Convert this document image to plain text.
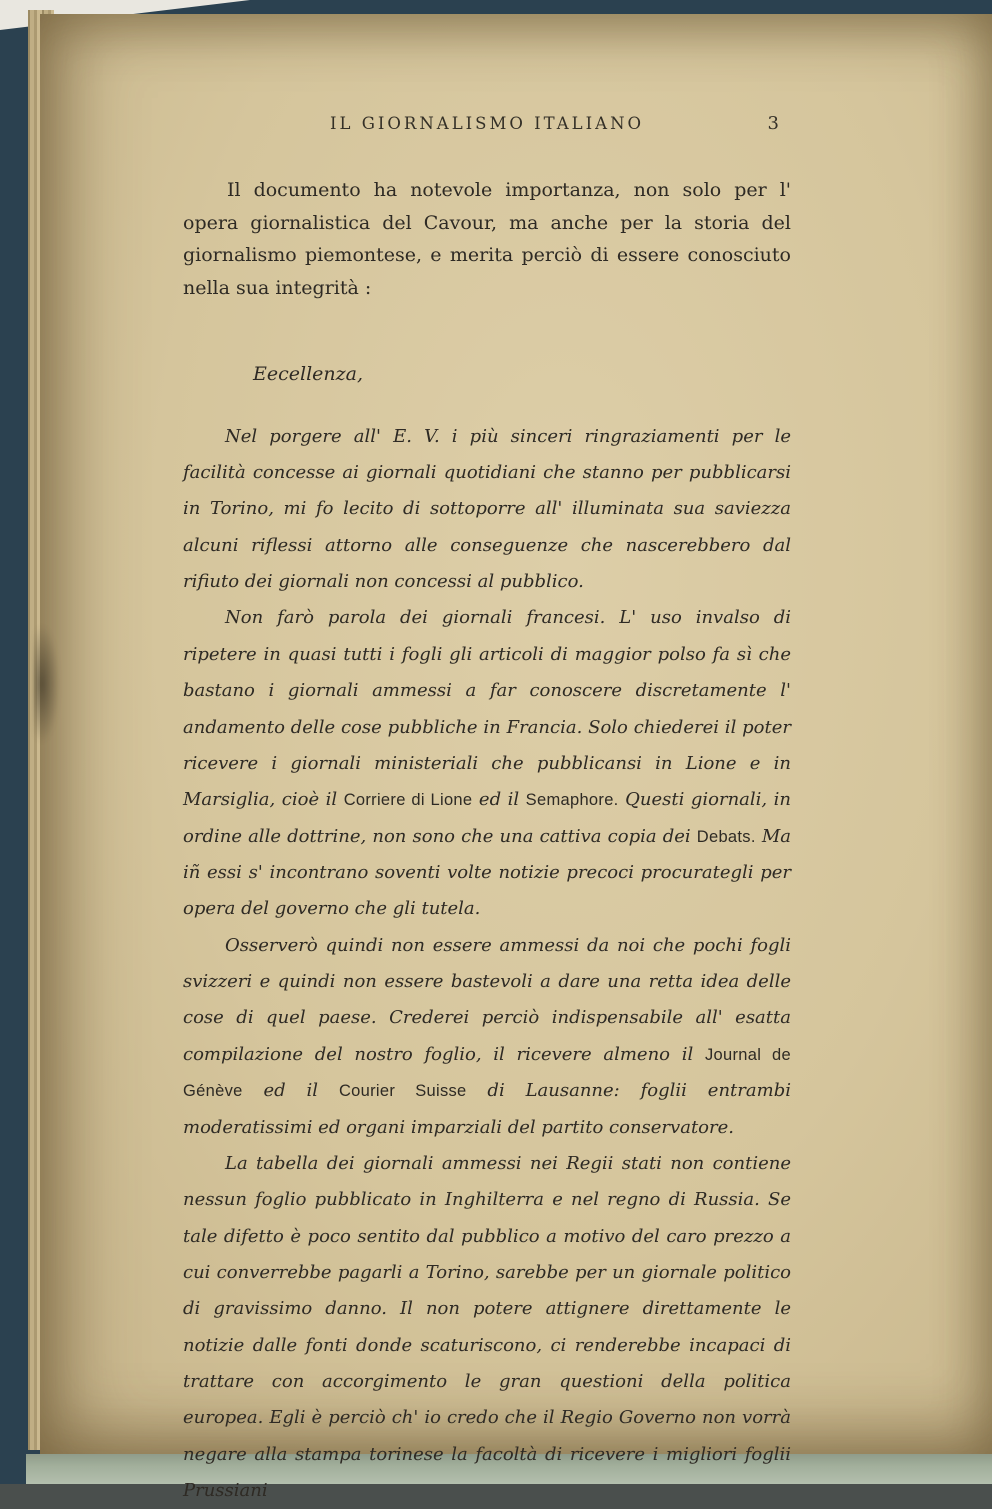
IL GIORNALISMO ITALIANO	3

Il documento ha notevole importanza, non solo per l' opera giornalistica del Cavour, ma anche per la storia del giornalismo piemontese, e merita perciò di essere conosciuto nella sua integrità :

Eecellenza,

Nel porgere all' E. V. i più sinceri ringraziamenti per le facilità concesse ai giornali quotidiani che stanno per pubblicarsi in Torino, mi fo lecito di sottoporre all' illuminata sua saviezza alcuni riflessi attorno alle conseguenze che nascerebbero dal rifiuto dei giornali non concessi al pubblico.

Non farò parola dei giornali francesi. L' uso invalso di ripetere in quasi tutti i fogli gli articoli di maggior polso fa sì che bastano i giornali ammessi a far conoscere discretamente l' andamento delle cose pubbliche in Francia. Solo chiederei il poter ricevere i giornali ministeriali che pubblicansi in Lione e in Marsiglia, cioè il Corriere di Lione ed il Semaphore. Questi giornali, in ordine alle dottrine, non sono che una cattiva copia dei Debats. Ma iñ essi s' incontrano soventi volte notizie precoci procurategli per opera del governo che gli tutela.

Osserverò quindi non essere ammessi da noi che pochi fogli svizzeri e quindi non essere bastevoli a dare una retta idea delle cose di quel paese. Crederei perciò indispensabile all' esatta compilazione del nostro foglio, il ricevere almeno il Journal de Génève ed il Courier Suisse di Lausanne: foglii entrambi moderatissimi ed organi imparziali del partito conservatore.

La tabella dei giornali ammessi nei Regii stati non contiene nessun foglio pubblicato in Inghilterra e nel regno di Russia. Se tale difetto è poco sentito dal pubblico a motivo del caro prezzo a cui converrebbe pagarli a Torino, sarebbe per un giornale politico di gravissimo danno. Il non potere attignere direttamente le notizie dalle fonti donde scaturiscono, ci renderebbe incapaci di trattare con accorgimento le gran questioni della politica europea. Egli è perciò ch' io credo che il Regio Governo non vorrà negare alla stampa torinese la facoltà di ricevere i migliori foglii Prussiani
